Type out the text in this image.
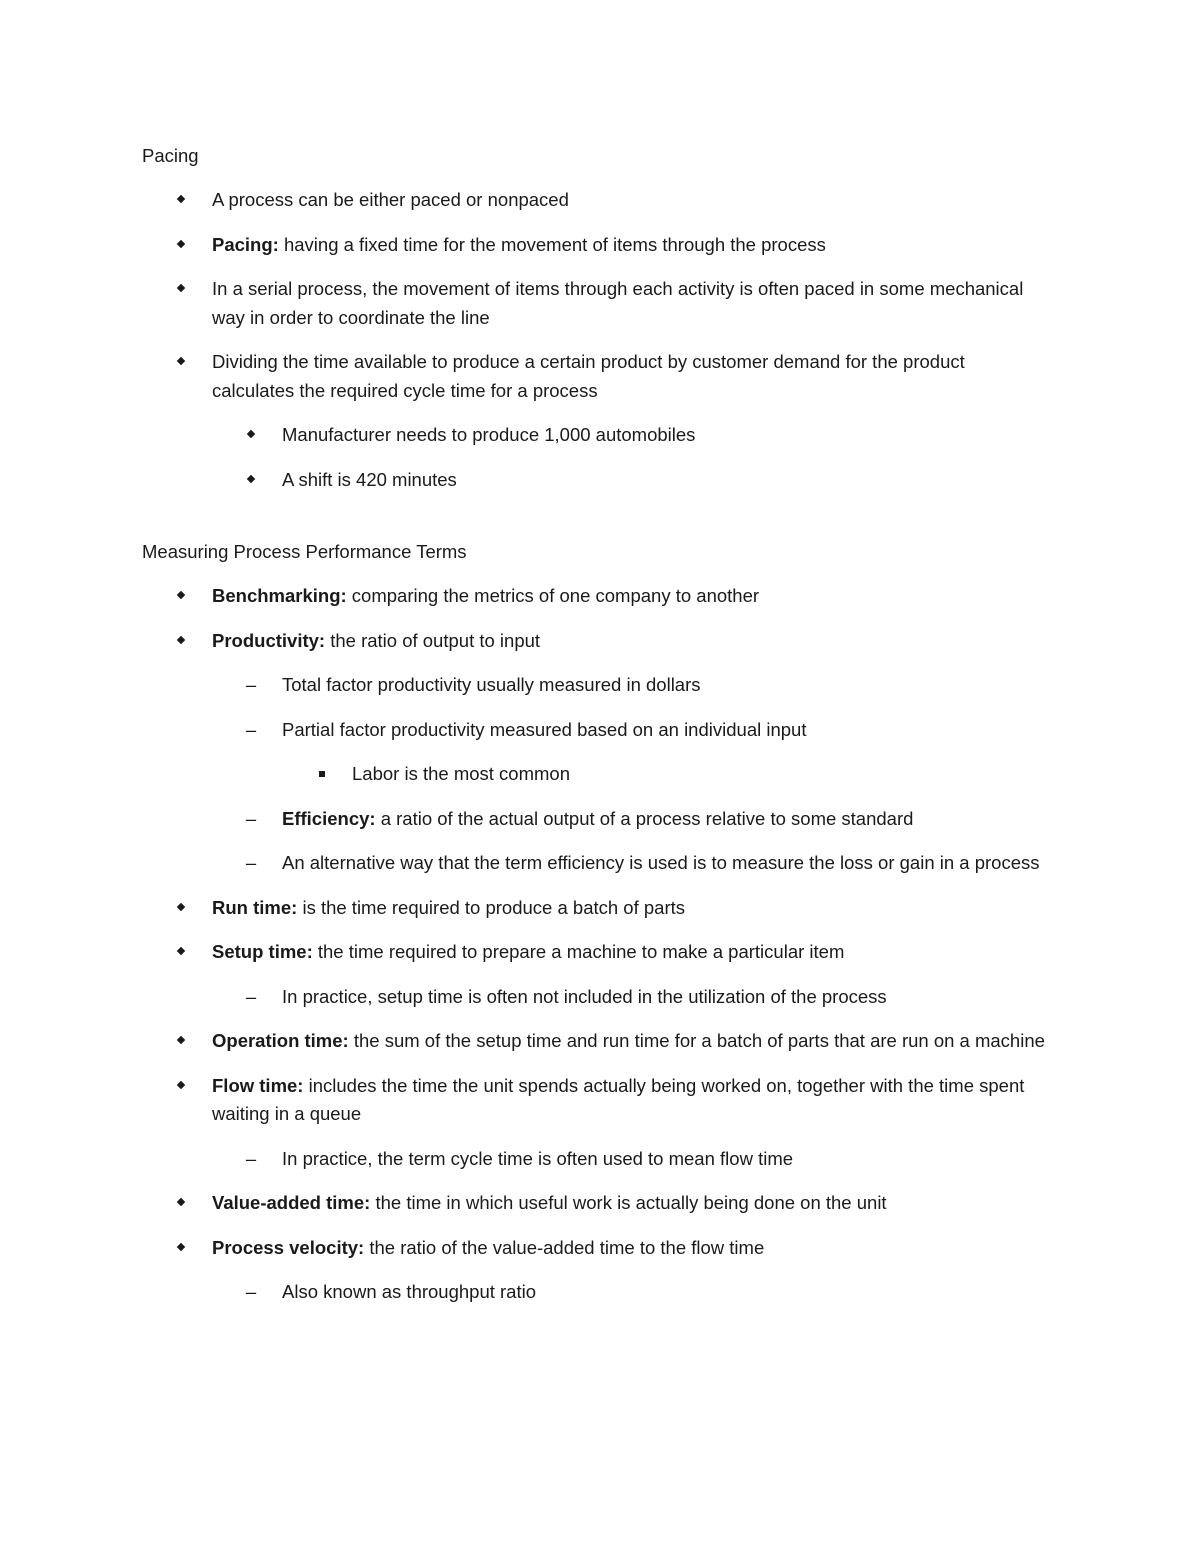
Pacing
A process can be either paced or nonpaced
Pacing: having a fixed time for the movement of items through the process
In a serial process, the movement of items through each activity is often paced in some mechanical way in order to coordinate the line
Dividing the time available to produce a certain product by customer demand for the product calculates the required cycle time for a process
Manufacturer needs to produce 1,000 automobiles
A shift is 420 minutes
Measuring Process Performance Terms
Benchmarking: comparing the metrics of one company to another
Productivity: the ratio of output to input
–
Total factor productivity usually measured in dollars
–
Partial factor productivity measured based on an individual input
Labor is the most common
–
Efficiency: a ratio of the actual output of a process relative to some standard
–
An alternative way that the term efficiency is used is to measure the loss or gain in a process
Run time: is the time required to produce a batch of parts
Setup time: the time required to prepare a machine to make a particular item
–
In practice, setup time is often not included in the utilization of the process
Operation time: the sum of the setup time and run time for a batch of parts that are run on a machine
Flow time: includes the time the unit spends actually being worked on, together with the time spent waiting in a queue
–
In practice, the term cycle time is often used to mean flow time
Value-added time: the time in which useful work is actually being done on the unit
Process velocity: the ratio of the value-added time to the flow time
–
Also known as throughput ratio
